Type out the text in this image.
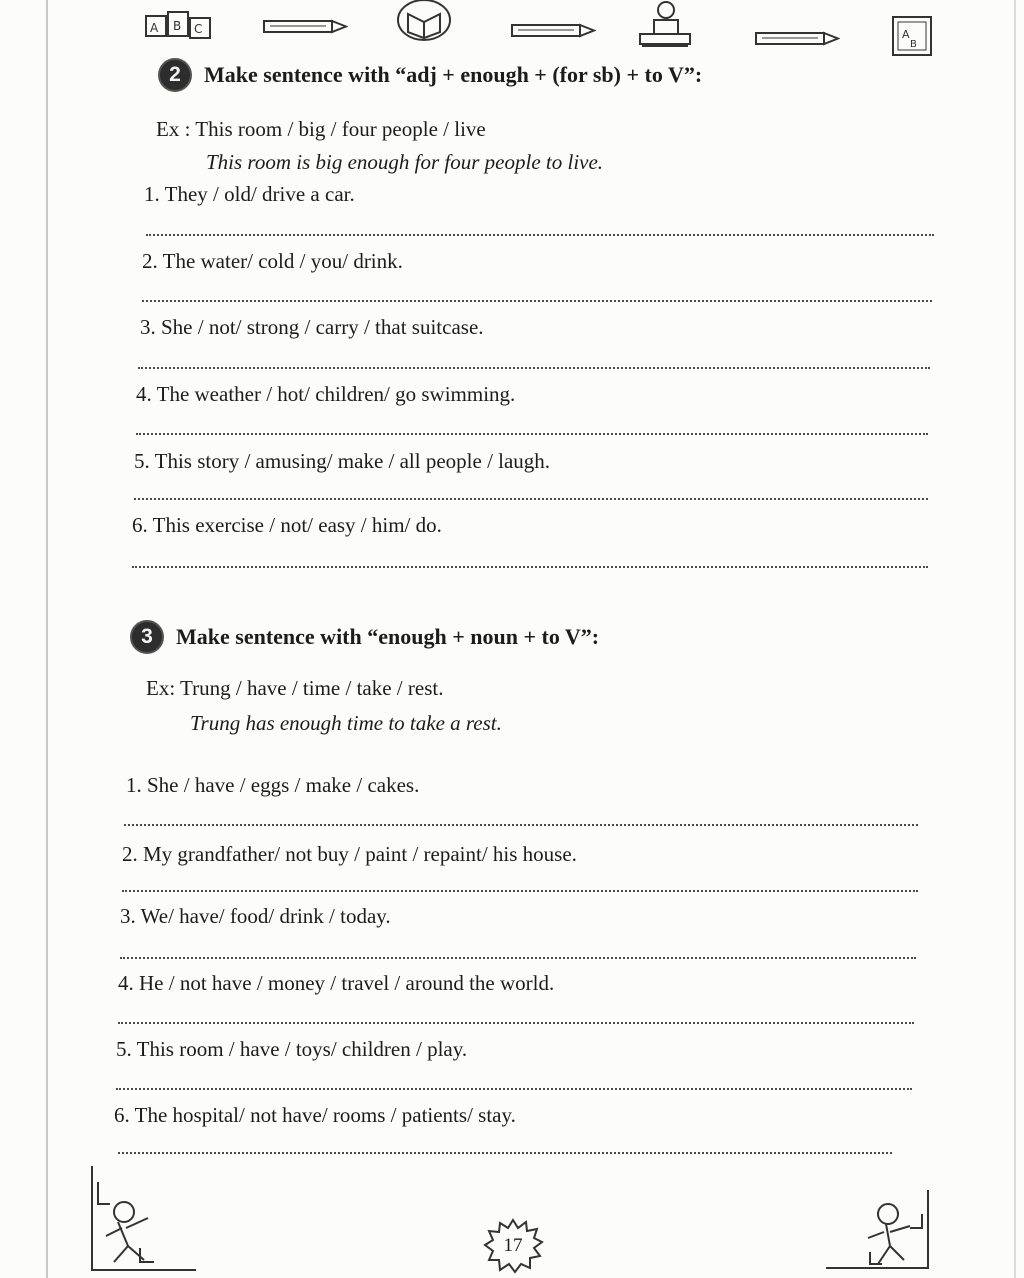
A B C	A
B
2	Make sentence with “adj + enough + (for sb) + to V”:
Ex : This room / big / four people / live
This room is big enough for four people to live.
1. They / old/ drive a car.
2. The water/ cold / you/ drink.
3. She / not/ strong / carry / that suitcase.
4. The weather / hot/ children/ go swimming.
5. This story / amusing/ make / all people / laugh.
6. This exercise / not/ easy / him/ do.
3	Make sentence with “enough + noun + to V”:
Ex: Trung / have / time / take / rest.
Trung has enough time to take a rest.
1. She / have / eggs / make / cakes.
2. My grandfather/ not buy / paint / repaint/ his house.
3. We/ have/ food/ drink / today.
4. He / not have / money / travel / around the world.
5. This room / have / toys/ children / play.
6. The hospital/ not have/ rooms / patients/ stay.
17
